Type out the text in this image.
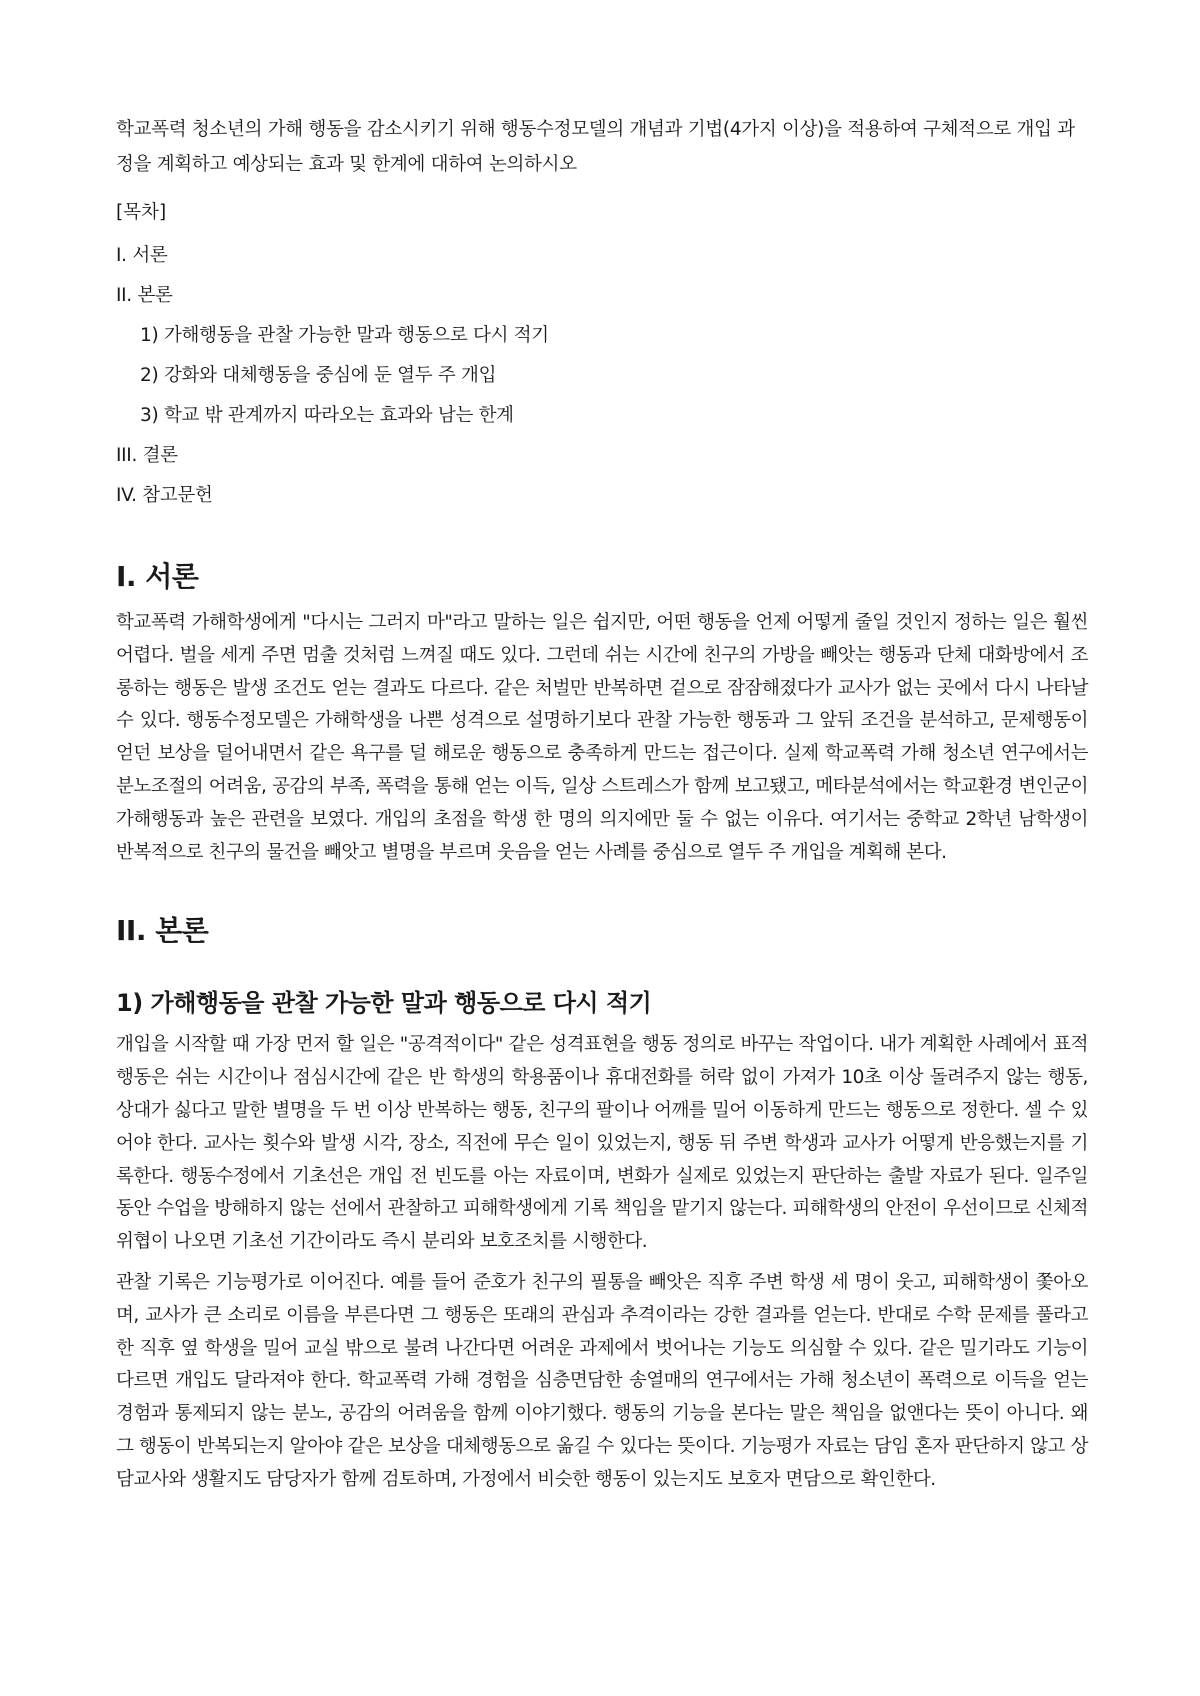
학교폭력 청소년의 가해 행동을 감소시키기 위해 행동수정모델의 개념과 기법(4가지 이상)을 적용하여 구체적으로 개입 과정을 계획하고 예상되는 효과 및 한계에 대하여 논의하시오

[목차]

I. 서론
II. 본론
1) 가해행동을 관찰 가능한 말과 행동으로 다시 적기
2) 강화와 대체행동을 중심에 둔 열두 주 개입
3) 학교 밖 관계까지 따라오는 효과와 남는 한계
III. 결론
IV. 참고문헌
I. 서론

학교폭력 가해학생에게 "다시는 그러지 마"라고 말하는 일은 쉽지만, 어떤 행동을 언제 어떻게 줄일 것인지 정하는 일은 훨씬 어렵다. 벌을 세게 주면 멈출 것처럼 느껴질 때도 있다. 그런데 쉬는 시간에 친구의 가방을 빼앗는 행동과 단체 대화방에서 조롱하는 행동은 발생 조건도 얻는 결과도 다르다. 같은 처벌만 반복하면 겉으로 잠잠해졌다가 교사가 없는 곳에서 다시 나타날 수 있다. 행동수정모델은 가해학생을 나쁜 성격으로 설명하기보다 관찰 가능한 행동과 그 앞뒤 조건을 분석하고, 문제행동이 얻던 보상을 덜어내면서 같은 욕구를 덜 해로운 행동으로 충족하게 만드는 접근이다. 실제 학교폭력 가해 청소년 연구에서는 분노조절의 어려움, 공감의 부족, 폭력을 통해 얻는 이득, 일상 스트레스가 함께 보고됐고, 메타분석에서는 학교환경 변인군이 가해행동과 높은 관련을 보였다. 개입의 초점을 학생 한 명의 의지에만 둘 수 없는 이유다. 여기서는 중학교 2학년 남학생이 반복적으로 친구의 물건을 빼앗고 별명을 부르며 웃음을 얻는 사례를 중심으로 열두 주 개입을 계획해 본다.

II. 본론
1) 가해행동을 관찰 가능한 말과 행동으로 다시 적기

개입을 시작할 때 가장 먼저 할 일은 "공격적이다" 같은 성격표현을 행동 정의로 바꾸는 작업이다. 내가 계획한 사례에서 표적행동은 쉬는 시간이나 점심시간에 같은 반 학생의 학용품이나 휴대전화를 허락 없이 가져가 10초 이상 돌려주지 않는 행동, 상대가 싫다고 말한 별명을 두 번 이상 반복하는 행동, 친구의 팔이나 어깨를 밀어 이동하게 만드는 행동으로 정한다. 셀 수 있어야 한다. 교사는 횟수와 발생 시각, 장소, 직전에 무슨 일이 있었는지, 행동 뒤 주변 학생과 교사가 어떻게 반응했는지를 기록한다. 행동수정에서 기초선은 개입 전 빈도를 아는 자료이며, 변화가 실제로 있었는지 판단하는 출발 자료가 된다. 일주일 동안 수업을 방해하지 않는 선에서 관찰하고 피해학생에게 기록 책임을 맡기지 않는다. 피해학생의 안전이 우선이므로 신체적 위협이 나오면 기초선 기간이라도 즉시 분리와 보호조치를 시행한다.

관찰 기록은 기능평가로 이어진다. 예를 들어 준호가 친구의 필통을 빼앗은 직후 주변 학생 세 명이 웃고, 피해학생이 쫓아오며, 교사가 큰 소리로 이름을 부른다면 그 행동은 또래의 관심과 추격이라는 강한 결과를 얻는다. 반대로 수학 문제를 풀라고 한 직후 옆 학생을 밀어 교실 밖으로 불려 나간다면 어려운 과제에서 벗어나는 기능도 의심할 수 있다. 같은 밀기라도 기능이 다르면 개입도 달라져야 한다. 학교폭력 가해 경험을 심층면담한 송열매의 연구에서는 가해 청소년이 폭력으로 이득을 얻는 경험과 통제되지 않는 분노, 공감의 어려움을 함께 이야기했다. 행동의 기능을 본다는 말은 책임을 없앤다는 뜻이 아니다. 왜 그 행동이 반복되는지 알아야 같은 보상을 대체행동으로 옮길 수 있다는 뜻이다. 기능평가 자료는 담임 혼자 판단하지 않고 상담교사와 생활지도 담당자가 함께 검토하며, 가정에서 비슷한 행동이 있는지도 보호자 면담으로 확인한다.
